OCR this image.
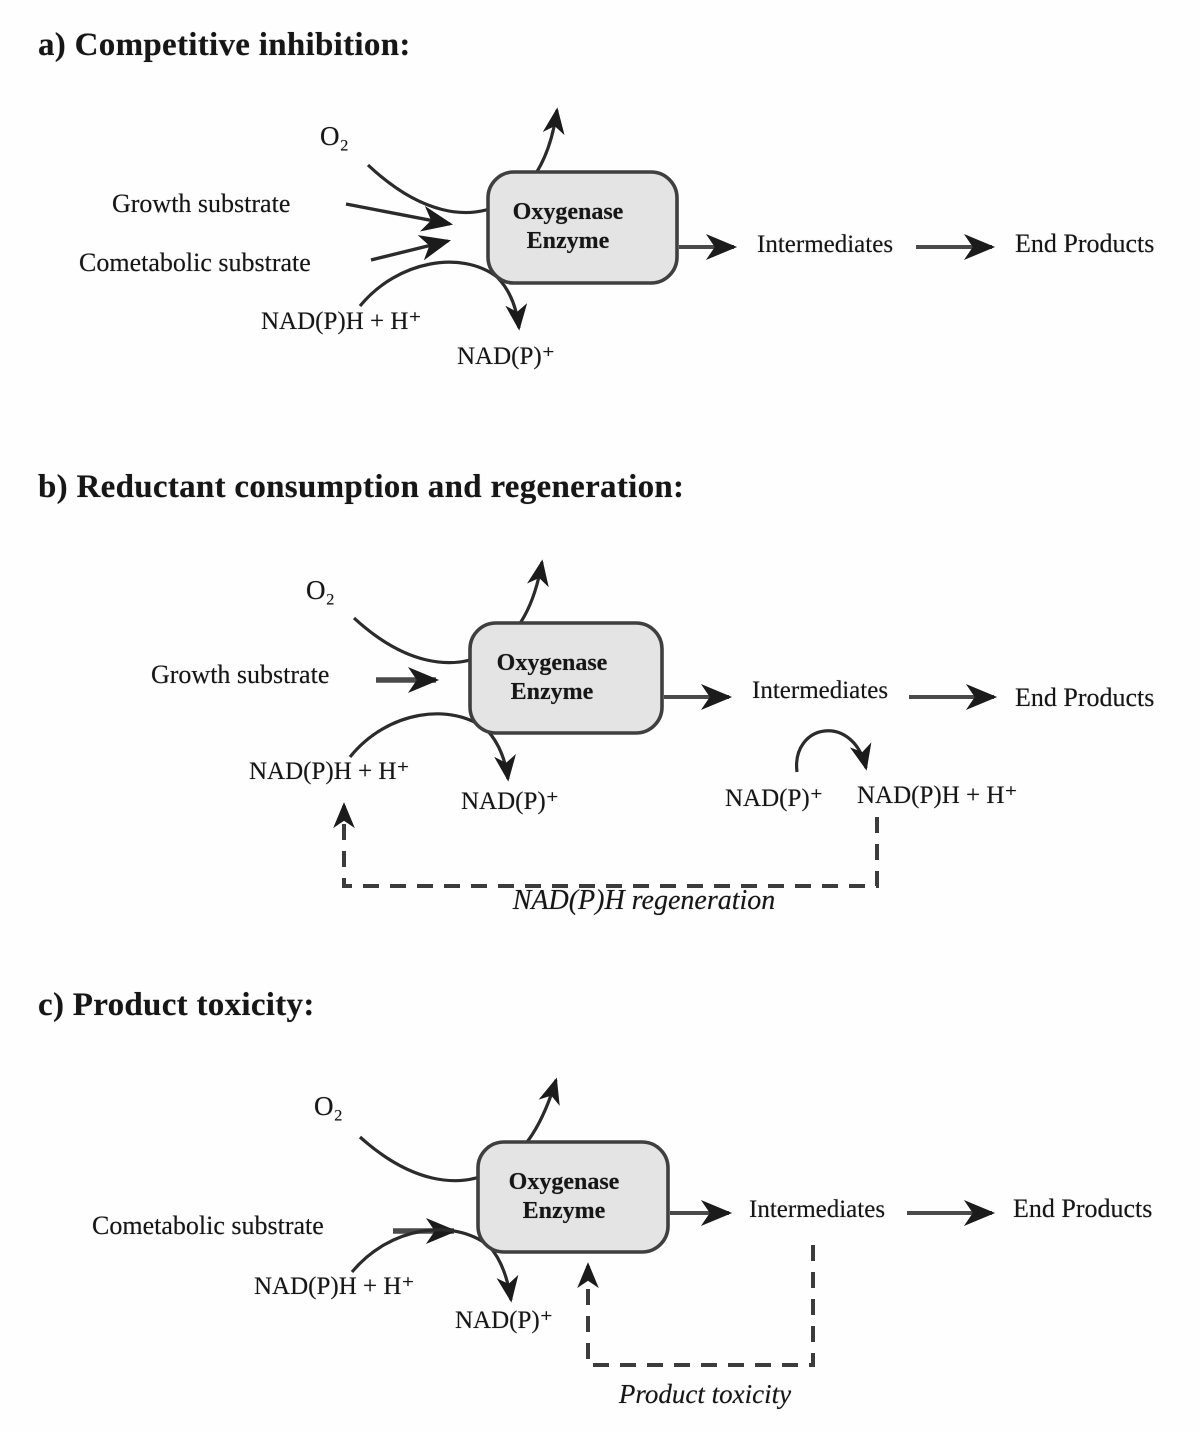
a) Competitive inhibition:
O₂
Growth substrate
Cometabolic substrate
NAD(P)H + H⁺
NAD(P)⁺
Oxygenase Enzyme	Intermediates	End Products
b) Reductant consumption and regeneration:
O₂
Growth substrate
NAD(P)H + H⁺
NAD(P)⁺
Oxygenase Enzyme	Intermediates	End Products
NAD(P)⁺ NAD(P)H + H⁺
NAD(P)H regeneration
c) Product toxicity:
O₂
Cometabolic substrate
NAD(P)H + H⁺
NAD(P)⁺
Oxygenase Enzyme	Intermediates	End Products
Product toxicity
